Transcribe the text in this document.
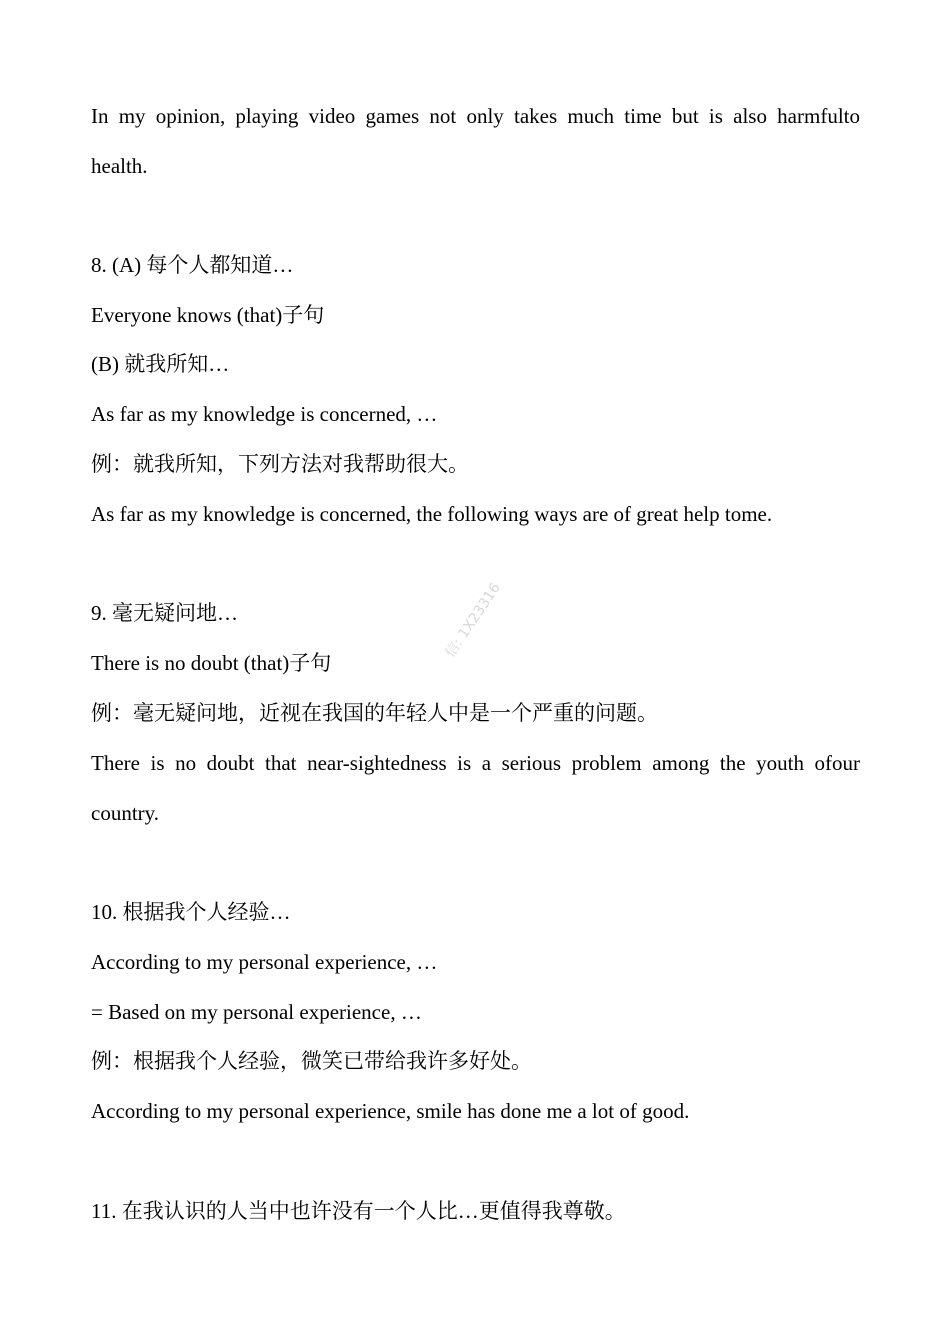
In my opinion, playing video games not only takes much time but is also harmfulto
health.
8. (A) 每个人都知道…
Everyone knows (that)子句
(B) 就我所知…
As far as my knowledge is concerned, …
例：就我所知，下列方法对我帮助很大。
As far as my knowledge is concerned, the following ways are of great help tome.
9. 毫无疑问地…
There is no doubt (that)子句
例：毫无疑问地，近视在我国的年轻人中是一个严重的问题。
There is no doubt that near-sightedness is a serious problem among the youth ofour
country.
10. 根据我个人经验…
According to my personal experience, …
= Based on my personal experience, …
例：根据我个人经验，微笑已带给我许多好处。
According to my personal experience, smile has done me a lot of good.
11. 在我认识的人当中也许没有一个人比…更值得我尊敬。
信: 1X23316
